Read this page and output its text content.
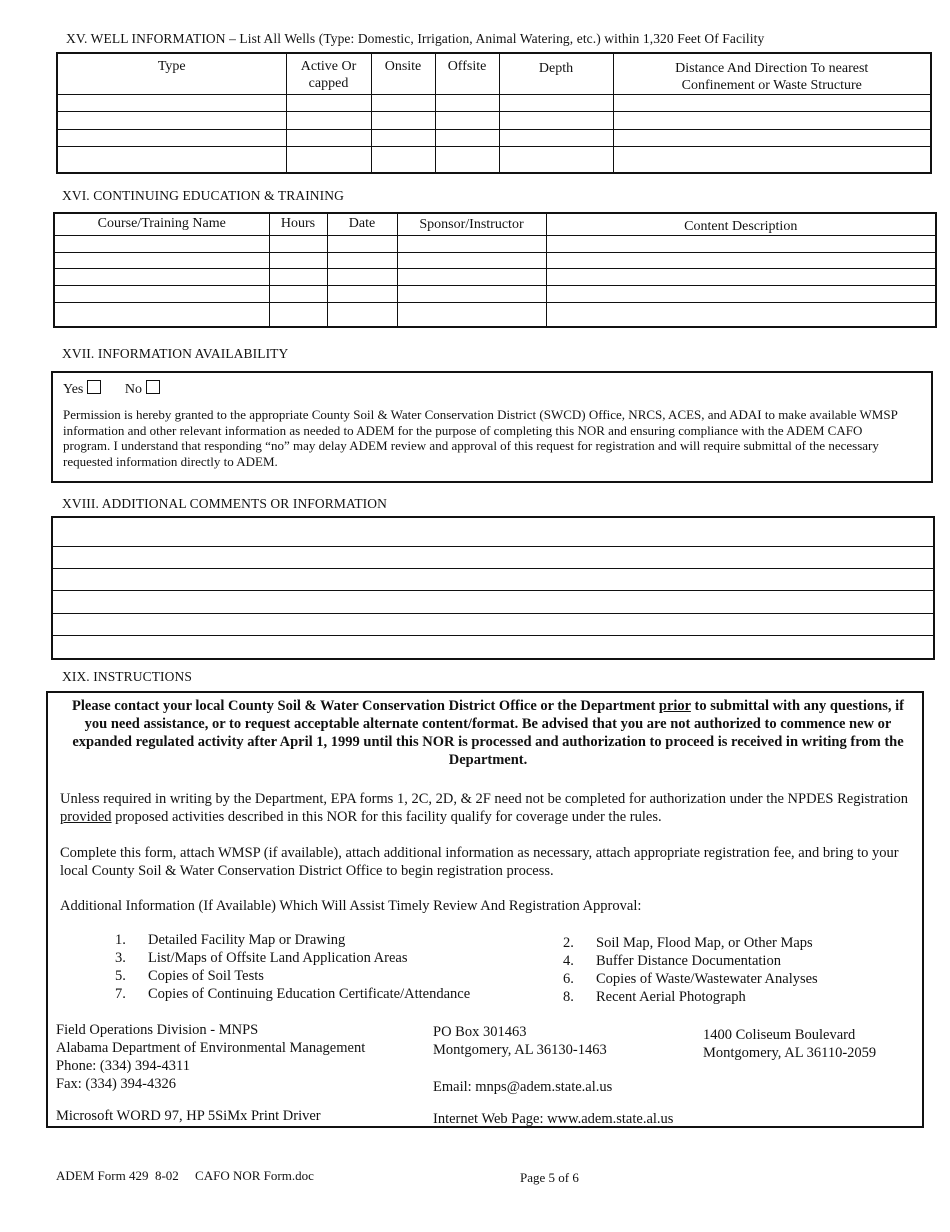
XV. WELL INFORMATION – List All Wells (Type: Domestic, Irrigation, Animal Watering, etc.) within 1,320 Feet Of Facility
Type	Active Or capped	Onsite	Offsite	Depth	Distance And Direction To nearest Confinement or Waste Structure

XVI. CONTINUING EDUCATION & TRAINING
Course/Training Name	Hours	Date	Sponsor/Instructor	Content Description

XVII. INFORMATION AVAILABILITY
Yes	No
Permission is hereby granted to the appropriate County Soil & Water Conservation District (SWCD) Office, NRCS, ACES, and ADAI to make available WMSP information and other relevant information as needed to ADEM for the purpose of completing this NOR and ensuring compliance with the ADEM CAFO program. I understand that responding “no” may delay ADEM review and approval of this request for registration and will require submittal of the necessary requested information directly to ADEM.
XVIII. ADDITIONAL COMMENTS OR INFORMATION
XIX. INSTRUCTIONS
Please contact your local County Soil & Water Conservation District Office or the Department prior to submittal with any questions, if you need assistance, or to request acceptable alternate content/format. Be advised that you are not authorized to commence new or expanded regulated activity after April 1, 1999 until this NOR is processed and authorization to proceed is received in writing from the Department.
Unless required in writing by the Department, EPA forms 1, 2C, 2D, & 2F need not be completed for authorization under the NPDES Registration provided proposed activities described in this NOR for this facility qualify for coverage under the rules.
Complete this form, attach WMSP (if available), attach additional information as necessary, attach appropriate registration fee, and bring to your local County Soil & Water Conservation District Office to begin registration process.
Additional Information (If Available) Which Will Assist Timely Review And Registration Approval:
1. Detailed Facility Map or Drawing	2. Soil Map, Flood Map, or Other Maps
3. List/Maps of Offsite Land Application Areas	4. Buffer Distance Documentation
5. Copies of Soil Tests	6. Copies of Waste/Wastewater Analyses
7. Copies of Continuing Education Certificate/Attendance	8. Recent Aerial Photograph
Field Operations Division - MNPS
Alabama Department of Environmental Management
Phone: (334) 394-4311
Fax: (334) 394-4326
Microsoft WORD 97, HP 5SiMx Print Driver
PO Box 301463
Montgomery, AL 36130-1463
Email: mnps@adem.state.al.us
Internet Web Page: www.adem.state.al.us
1400 Coliseum Boulevard
Montgomery, AL 36110-2059
ADEM Form 429  8-02     CAFO NOR Form.doc	Page 5 of 6
